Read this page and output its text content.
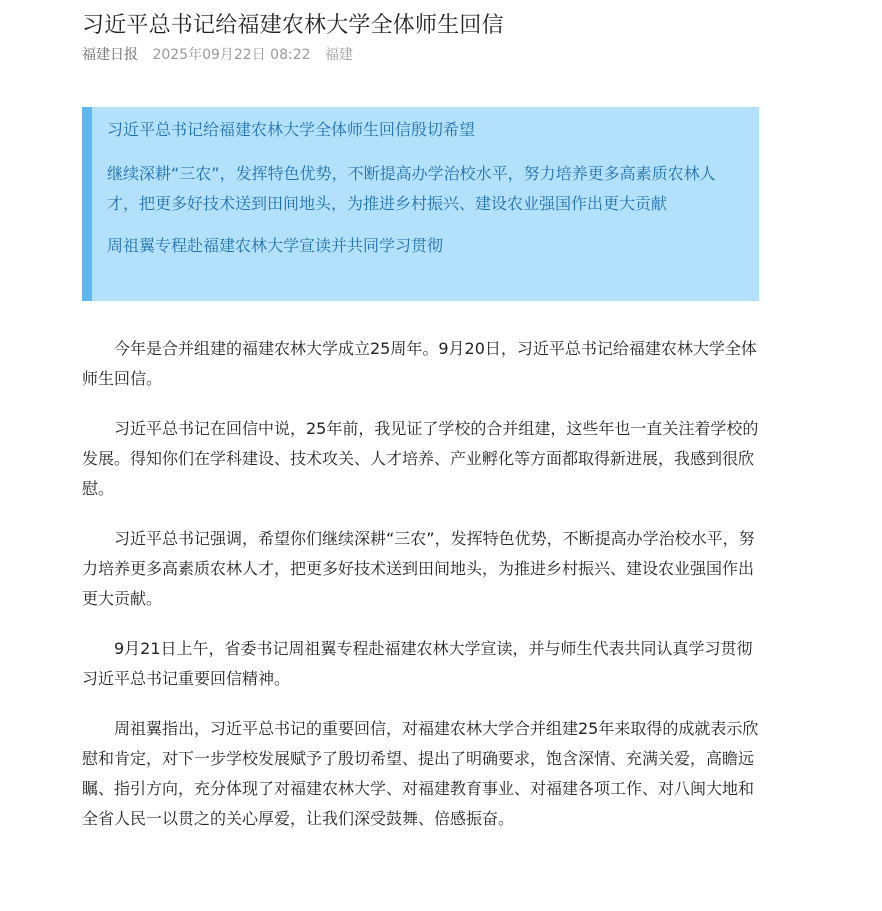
习近平总书记给福建农林大学全体师生回信
福建日报 2025年09月22日 08:22 福建

习近平总书记给福建农林大学全体师生回信殷切希望

继续深耕“三农”，发挥特色优势，不断提高办学治校水平，努力培养更多高素质农林人才，把更多好技术送到田间地头，为推进乡村振兴、建设农业强国作出更大贡献

周祖翼专程赴福建农林大学宣读并共同学习贯彻

今年是合并组建的福建农林大学成立25周年。9月20日，习近平总书记给福建农林大学全体师生回信。

习近平总书记在回信中说，25年前，我见证了学校的合并组建，这些年也一直关注着学校的发展。得知你们在学科建设、技术攻关、人才培养、产业孵化等方面都取得新进展，我感到很欣慰。

习近平总书记强调，希望你们继续深耕“三农”，发挥特色优势，不断提高办学治校水平，努力培养更多高素质农林人才，把更多好技术送到田间地头，为推进乡村振兴、建设农业强国作出更大贡献。

9月21日上午，省委书记周祖翼专程赴福建农林大学宣读，并与师生代表共同认真学习贯彻习近平总书记重要回信精神。

周祖翼指出，习近平总书记的重要回信，对福建农林大学合并组建25年来取得的成就表示欣慰和肯定，对下一步学校发展赋予了殷切希望、提出了明确要求，饱含深情、充满关爱，高瞻远瞩、指引方向，充分体现了对福建农林大学、对福建教育事业、对福建各项工作、对八闽大地和全省人民一以贯之的关心厚爱，让我们深受鼓舞、倍感振奋。
